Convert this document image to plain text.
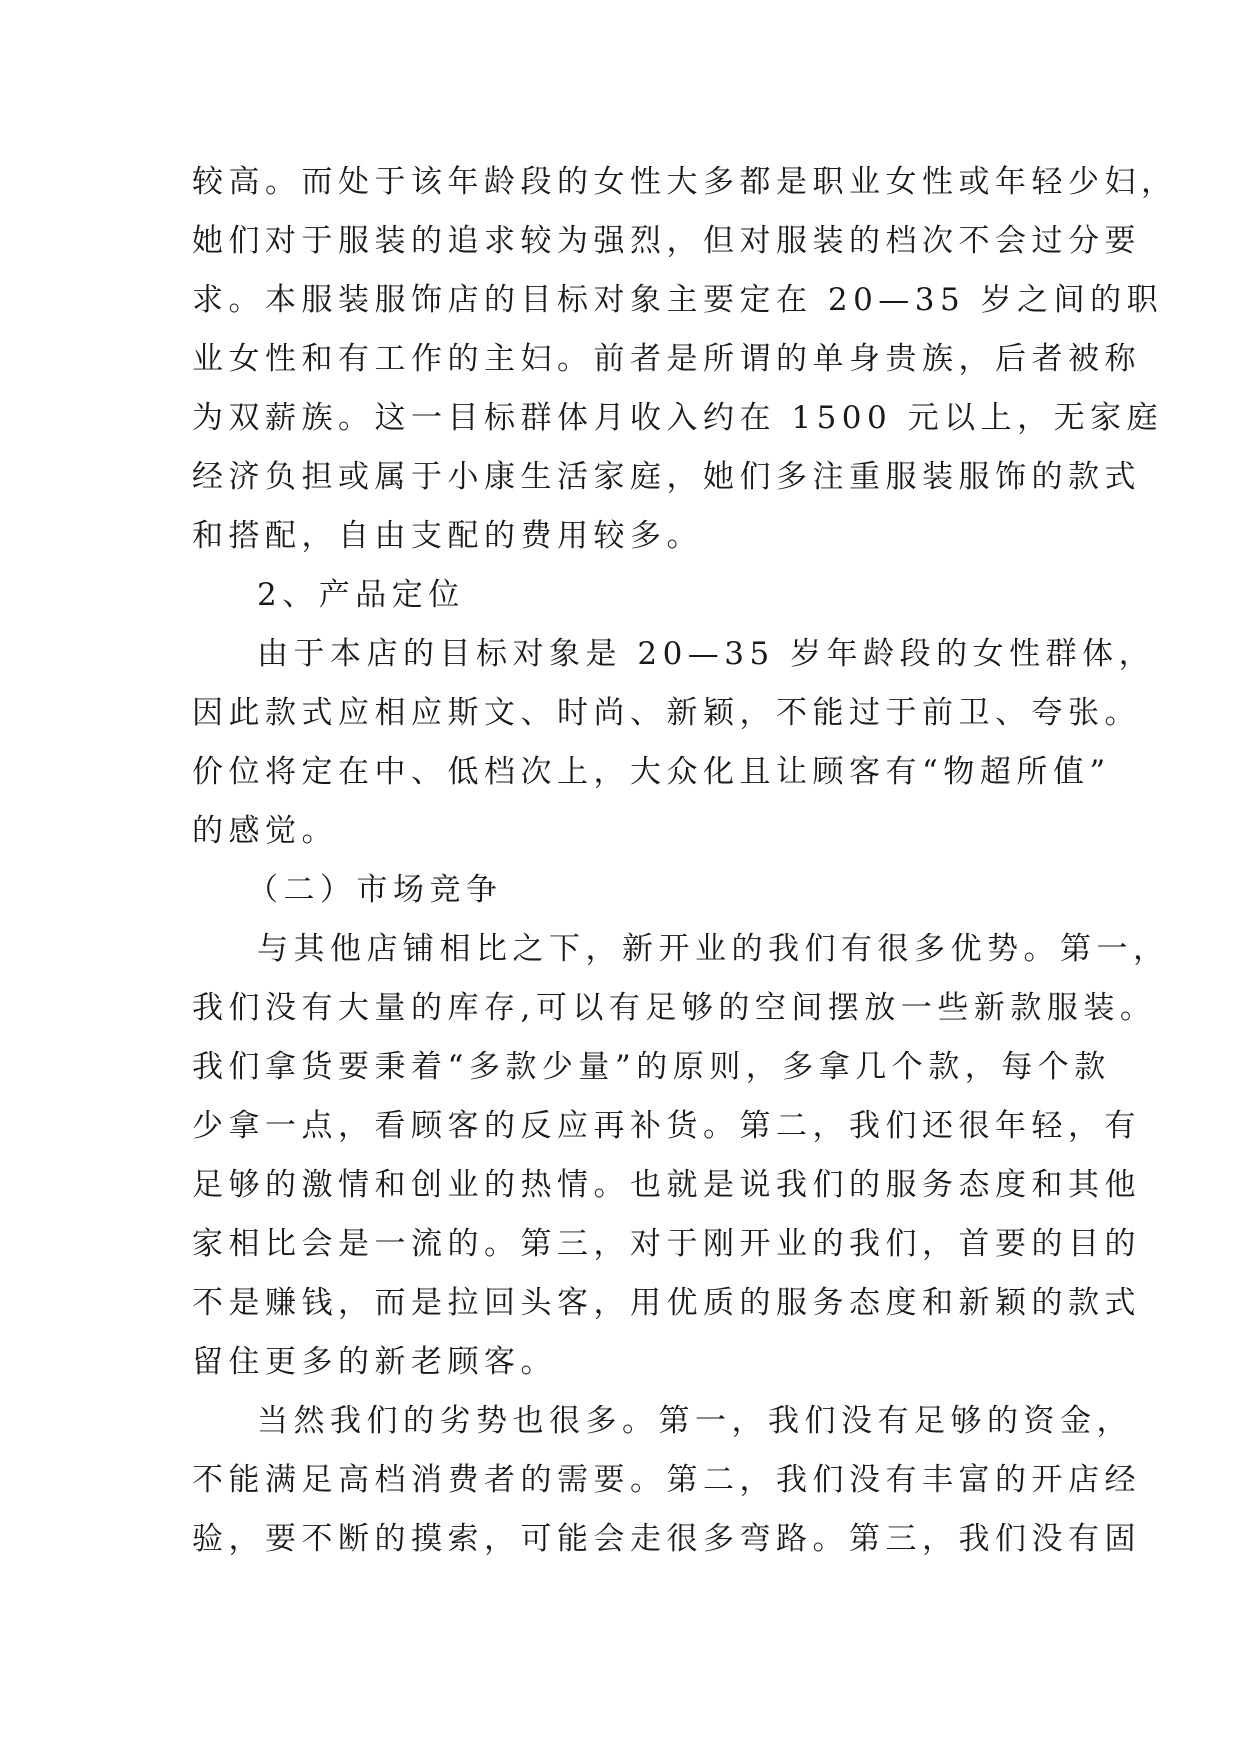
较高。而处于该年龄段的女性大多都是职业女性或年轻少妇，
她们对于服装的追求较为强烈，但对服装的档次不会过分要
求。本服装服饰店的目标对象主要定在 20—35 岁之间的职
业女性和有工作的主妇。前者是所谓的单身贵族，后者被称
为双薪族。这一目标群体月收入约在 1500 元以上，无家庭
经济负担或属于小康生活家庭，她们多注重服装服饰的款式
和搭配，自由支配的费用较多。
2、产品定位
由于本店的目标对象是 20—35 岁年龄段的女性群体，
因此款式应相应斯文、时尚、新颖，不能过于前卫、夸张。
价位将定在中、低档次上，大众化且让顾客有“物超所值”
的感觉。
（二）市场竞争
与其他店铺相比之下，新开业的我们有很多优势。第一，
我们没有大量的库存,可以有足够的空间摆放一些新款服装。
我们拿货要秉着“多款少量”的原则，多拿几个款，每个款
少拿一点，看顾客的反应再补货。第二，我们还很年轻，有
足够的激情和创业的热情。也就是说我们的服务态度和其他
家相比会是一流的。第三，对于刚开业的我们，首要的目的
不是赚钱，而是拉回头客，用优质的服务态度和新颖的款式
留住更多的新老顾客。
当然我们的劣势也很多。第一，我们没有足够的资金，
不能满足高档消费者的需要。第二，我们没有丰富的开店经
验，要不断的摸索，可能会走很多弯路。第三，我们没有固
